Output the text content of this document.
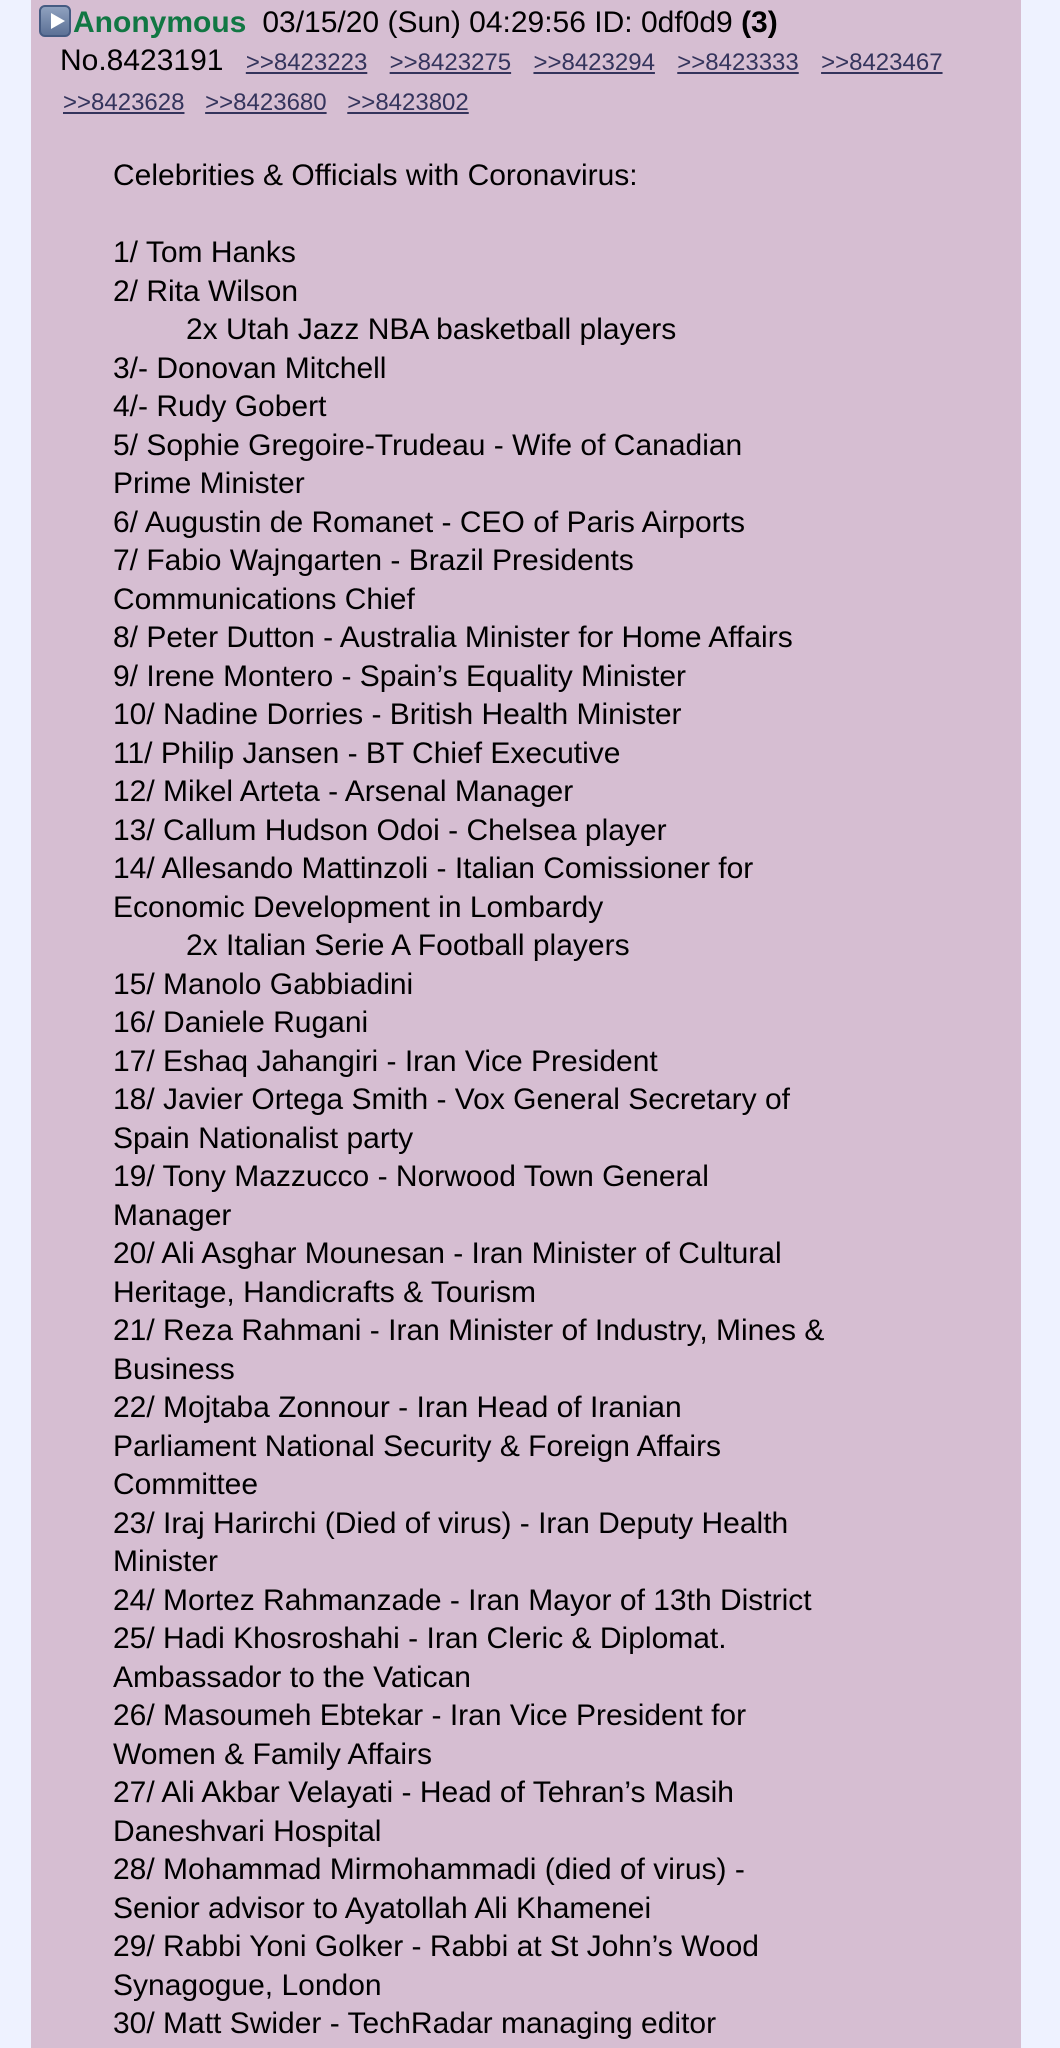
Anonymous 03/15/20 (Sun) 04:29:56 ID: 0df0d9 (3)
No.8423191 >>8423223 >>8423275 >>8423294 >>8423333 >>8423467
>>8423628 >>8423680 >>8423802
Celebrities & Officials with Coronavirus:
1/ Tom Hanks
2/ Rita Wilson
2x Utah Jazz NBA basketball players
3/- Donovan Mitchell
4/- Rudy Gobert
5/ Sophie Gregoire-Trudeau - Wife of Canadian
Prime Minister
6/ Augustin de Romanet - CEO of Paris Airports
7/ Fabio Wajngarten - Brazil Presidents
Communications Chief
8/ Peter Dutton - Australia Minister for Home Affairs
9/ Irene Montero - Spain’s Equality Minister
10/ Nadine Dorries - British Health Minister
11/ Philip Jansen - BT Chief Executive
12/ Mikel Arteta - Arsenal Manager
13/ Callum Hudson Odoi - Chelsea player
14/ Allesando Mattinzoli - Italian Comissioner for
Economic Development in Lombardy
2x Italian Serie A Football players
15/ Manolo Gabbiadini
16/ Daniele Rugani
17/ Eshaq Jahangiri - Iran Vice President
18/ Javier Ortega Smith - Vox General Secretary of
Spain Nationalist party
19/ Tony Mazzucco - Norwood Town General
Manager
20/ Ali Asghar Mounesan - Iran Minister of Cultural
Heritage, Handicrafts & Tourism
21/ Reza Rahmani - Iran Minister of Industry, Mines &
Business
22/ Mojtaba Zonnour - Iran Head of Iranian
Parliament National Security & Foreign Affairs
Committee
23/ Iraj Harirchi (Died of virus) - Iran Deputy Health
Minister
24/ Mortez Rahmanzade - Iran Mayor of 13th District
25/ Hadi Khosroshahi - Iran Cleric & Diplomat.
Ambassador to the Vatican
26/ Masoumeh Ebtekar - Iran Vice President for
Women & Family Affairs
27/ Ali Akbar Velayati - Head of Tehran’s Masih
Daneshvari Hospital
28/ Mohammad Mirmohammadi (died of virus) -
Senior advisor to Ayatollah Ali Khamenei
29/ Rabbi Yoni Golker - Rabbi at St John’s Wood
Synagogue, London
30/ Matt Swider - TechRadar managing editor
